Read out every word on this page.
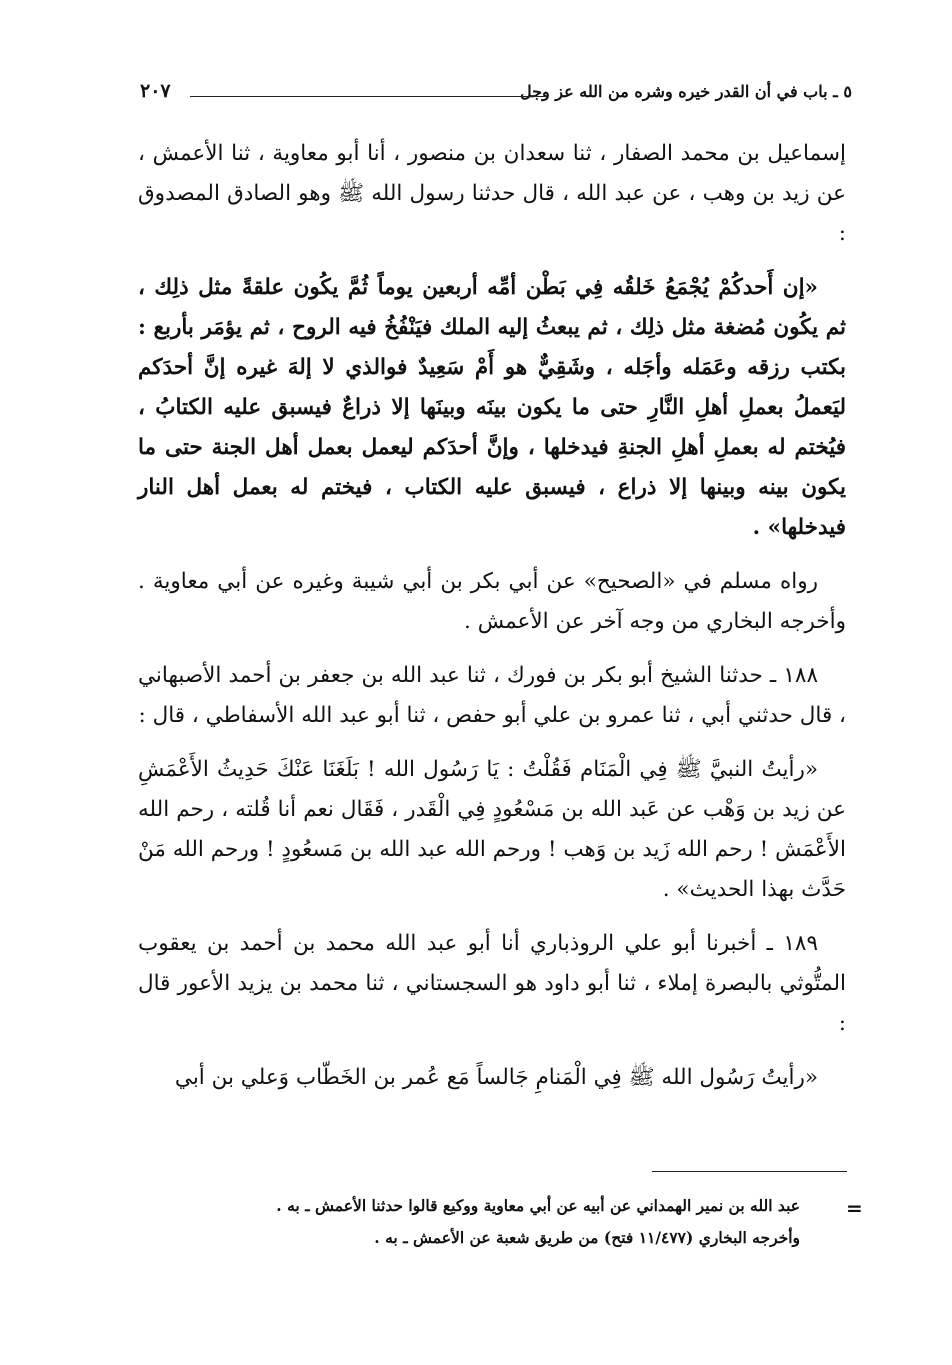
٥ ـ باب في أن القدر خيره وشره من الله عز وجل
٢٠٧

إسماعيل بن محمد الصفار ، ثنا سعدان بن منصور ، أنا أبو معاوية ، ثنا الأعمش ، عن زيد بن وهب ، عن عبد الله ، قال حدثنا رسول الله ﷺ وهو الصادق المصدوق :

«إن أَحدكُمْ يُجْمَعُ خَلقُه فِي بَطْن أمِّه أربعين يوماً ثُمَّ يكُون علقةً مثل ذلِك ، ثم يكُون مُضغة مثل ذلِك ، ثم يبعثُ إليه الملك فيَنْفُخُ فيه الروح ، ثم يؤمَر بأربع : بكتب رزقه وعَمَله وأجَله ، وشَقِيٌّ هو أَمْ سَعِيدٌ فوالذي لا إلهَ غيره إنَّ أحدَكم ليَعملُ بعملِ أهلِ النَّارِ حتى ما يكون بينَه وبينَها إلا ذراعٌ فيسبق عليه الكتابُ ، فيُختم له بعملِ أهلِ الجنةِ فيدخلها ، وإنَّ أحدَكم ليعمل بعمل أهل الجنة حتى ما يكون بينه وبينها إلا ذراع ، فيسبق عليه الكتاب ، فيختم له بعمل أهل النار فيدخلها» .

رواه مسلم في «الصحيح» عن أبي بكر بن أبي شيبة وغيره عن أبي معاوية . وأخرجه البخاري من وجه آخر عن الأعمش .

١٨٨ ـ حدثنا الشيخ أبو بكر بن فورك ، ثنا عبد الله بن جعفر بن أحمد الأصبهاني ، قال حدثني أبي ، ثنا عمرو بن علي أبو حفص ، ثنا أبو عبد الله الأسفاطي ، قال :

«رأيتُ النبيَّ ﷺ فِي الْمَنَام فَقُلْتُ : يَا رَسُول الله ! بَلَغَنَا عَنْكَ حَدِيثُ الأَعْمَشِ عن زيد بن وَهْب عن عَبد الله بن مَسْعُودٍ فِي الْقَدر ، فَقَال نعم أنا قُلته ، رحم الله الأَعْمَش ! رحم الله زَيد بن وَهب ! ورحم الله عبد الله بن مَسعُودٍ ! ورحم الله مَنْ حَدَّث بهذا الحديث» .

١٨٩ ـ أخبرنا أبو علي الروذباري أنا أبو عبد الله محمد بن أحمد بن يعقوب المتُّوثي بالبصرة إملاء ، ثنا أبو داود هو السجستاني ، ثنا محمد بن يزيد الأعور قال :

«رأيتُ رَسُول الله ﷺ فِي الْمَنامِ جَالساً مَع عُمر بن الخَطّاب وَعلي بن أبي

=

عبد الله بن نمير الهمداني عن أبيه عن أبي معاوية ووكيع قالوا حدثنا الأعمش ـ به .

وأخرجه البخاري (١١/٤٧٧ فتح) من طريق شعبة عن الأعمش ـ به .
